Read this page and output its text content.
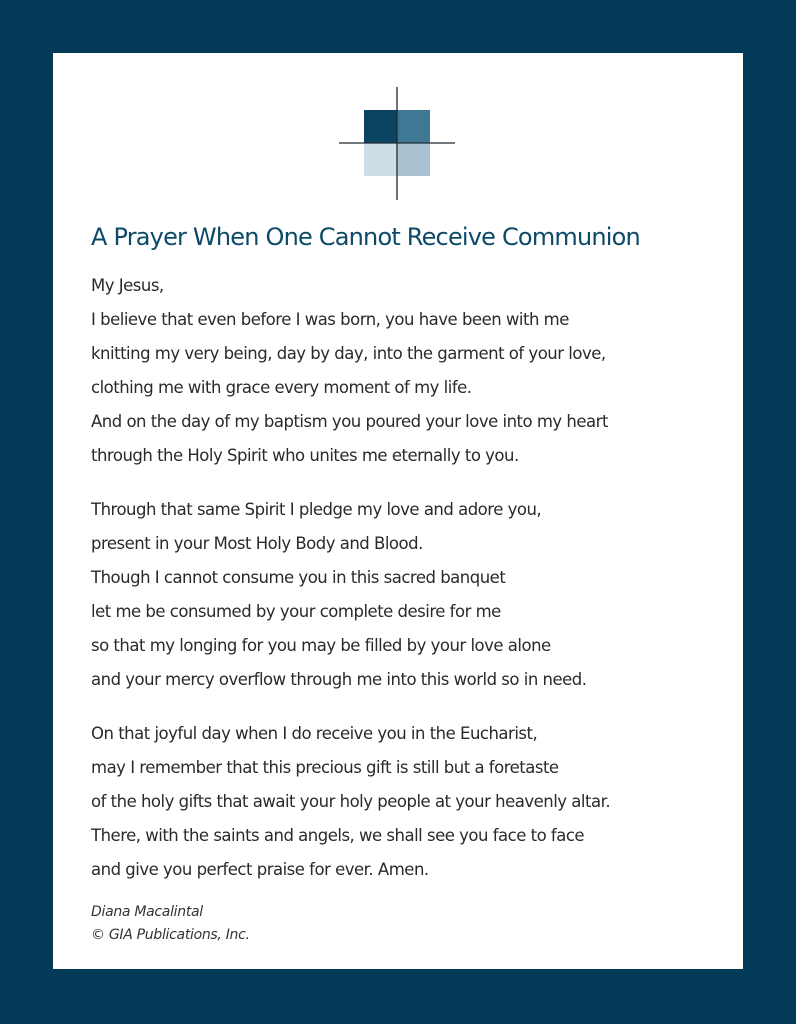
A Prayer When One Cannot Receive Communion
My Jesus,
I believe that even before I was born, you have been with me
knitting my very being, day by day, into the garment of your love,
clothing me with grace every moment of my life.
And on the day of my baptism you poured your love into my heart
through the Holy Spirit who unites me eternally to you.
Through that same Spirit I pledge my love and adore you,
present in your Most Holy Body and Blood.
Though I cannot consume you in this sacred banquet
let me be consumed by your complete desire for me
so that my longing for you may be filled by your love alone
and your mercy overflow through me into this world so in need.
On that joyful day when I do receive you in the Eucharist,
may I remember that this precious gift is still but a foretaste
of the holy gifts that await your holy people at your heavenly altar.
There, with the saints and angels, we shall see you face to face
and give you perfect praise for ever. Amen.
Diana Macalintal
© GIA Publications, Inc.
